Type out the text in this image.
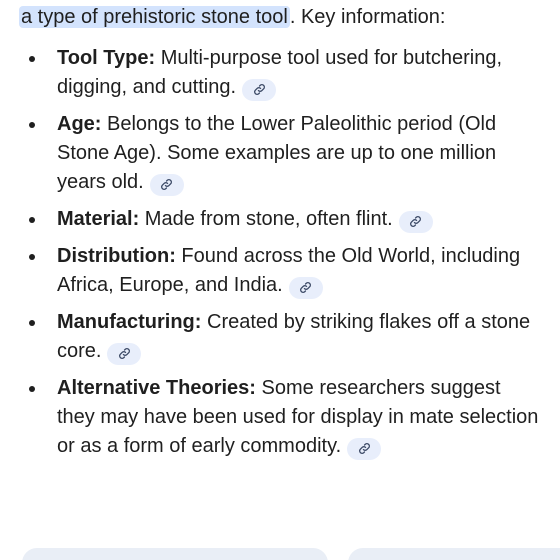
a type of prehistoric stone tool . Key information:

Tool Type: Multi-purpose tool used for butchering, digging, and cutting.
Age: Belongs to the Lower Paleolithic period (Old Stone Age). Some examples are up to one million years old.
Material: Made from stone, often flint.
Distribution: Found across the Old World, including Africa, Europe, and India.
Manufacturing: Created by striking flakes off a stone core.
Alternative Theories: Some researchers suggest they may have been used for display in mate selection or as a form of early commodity.
